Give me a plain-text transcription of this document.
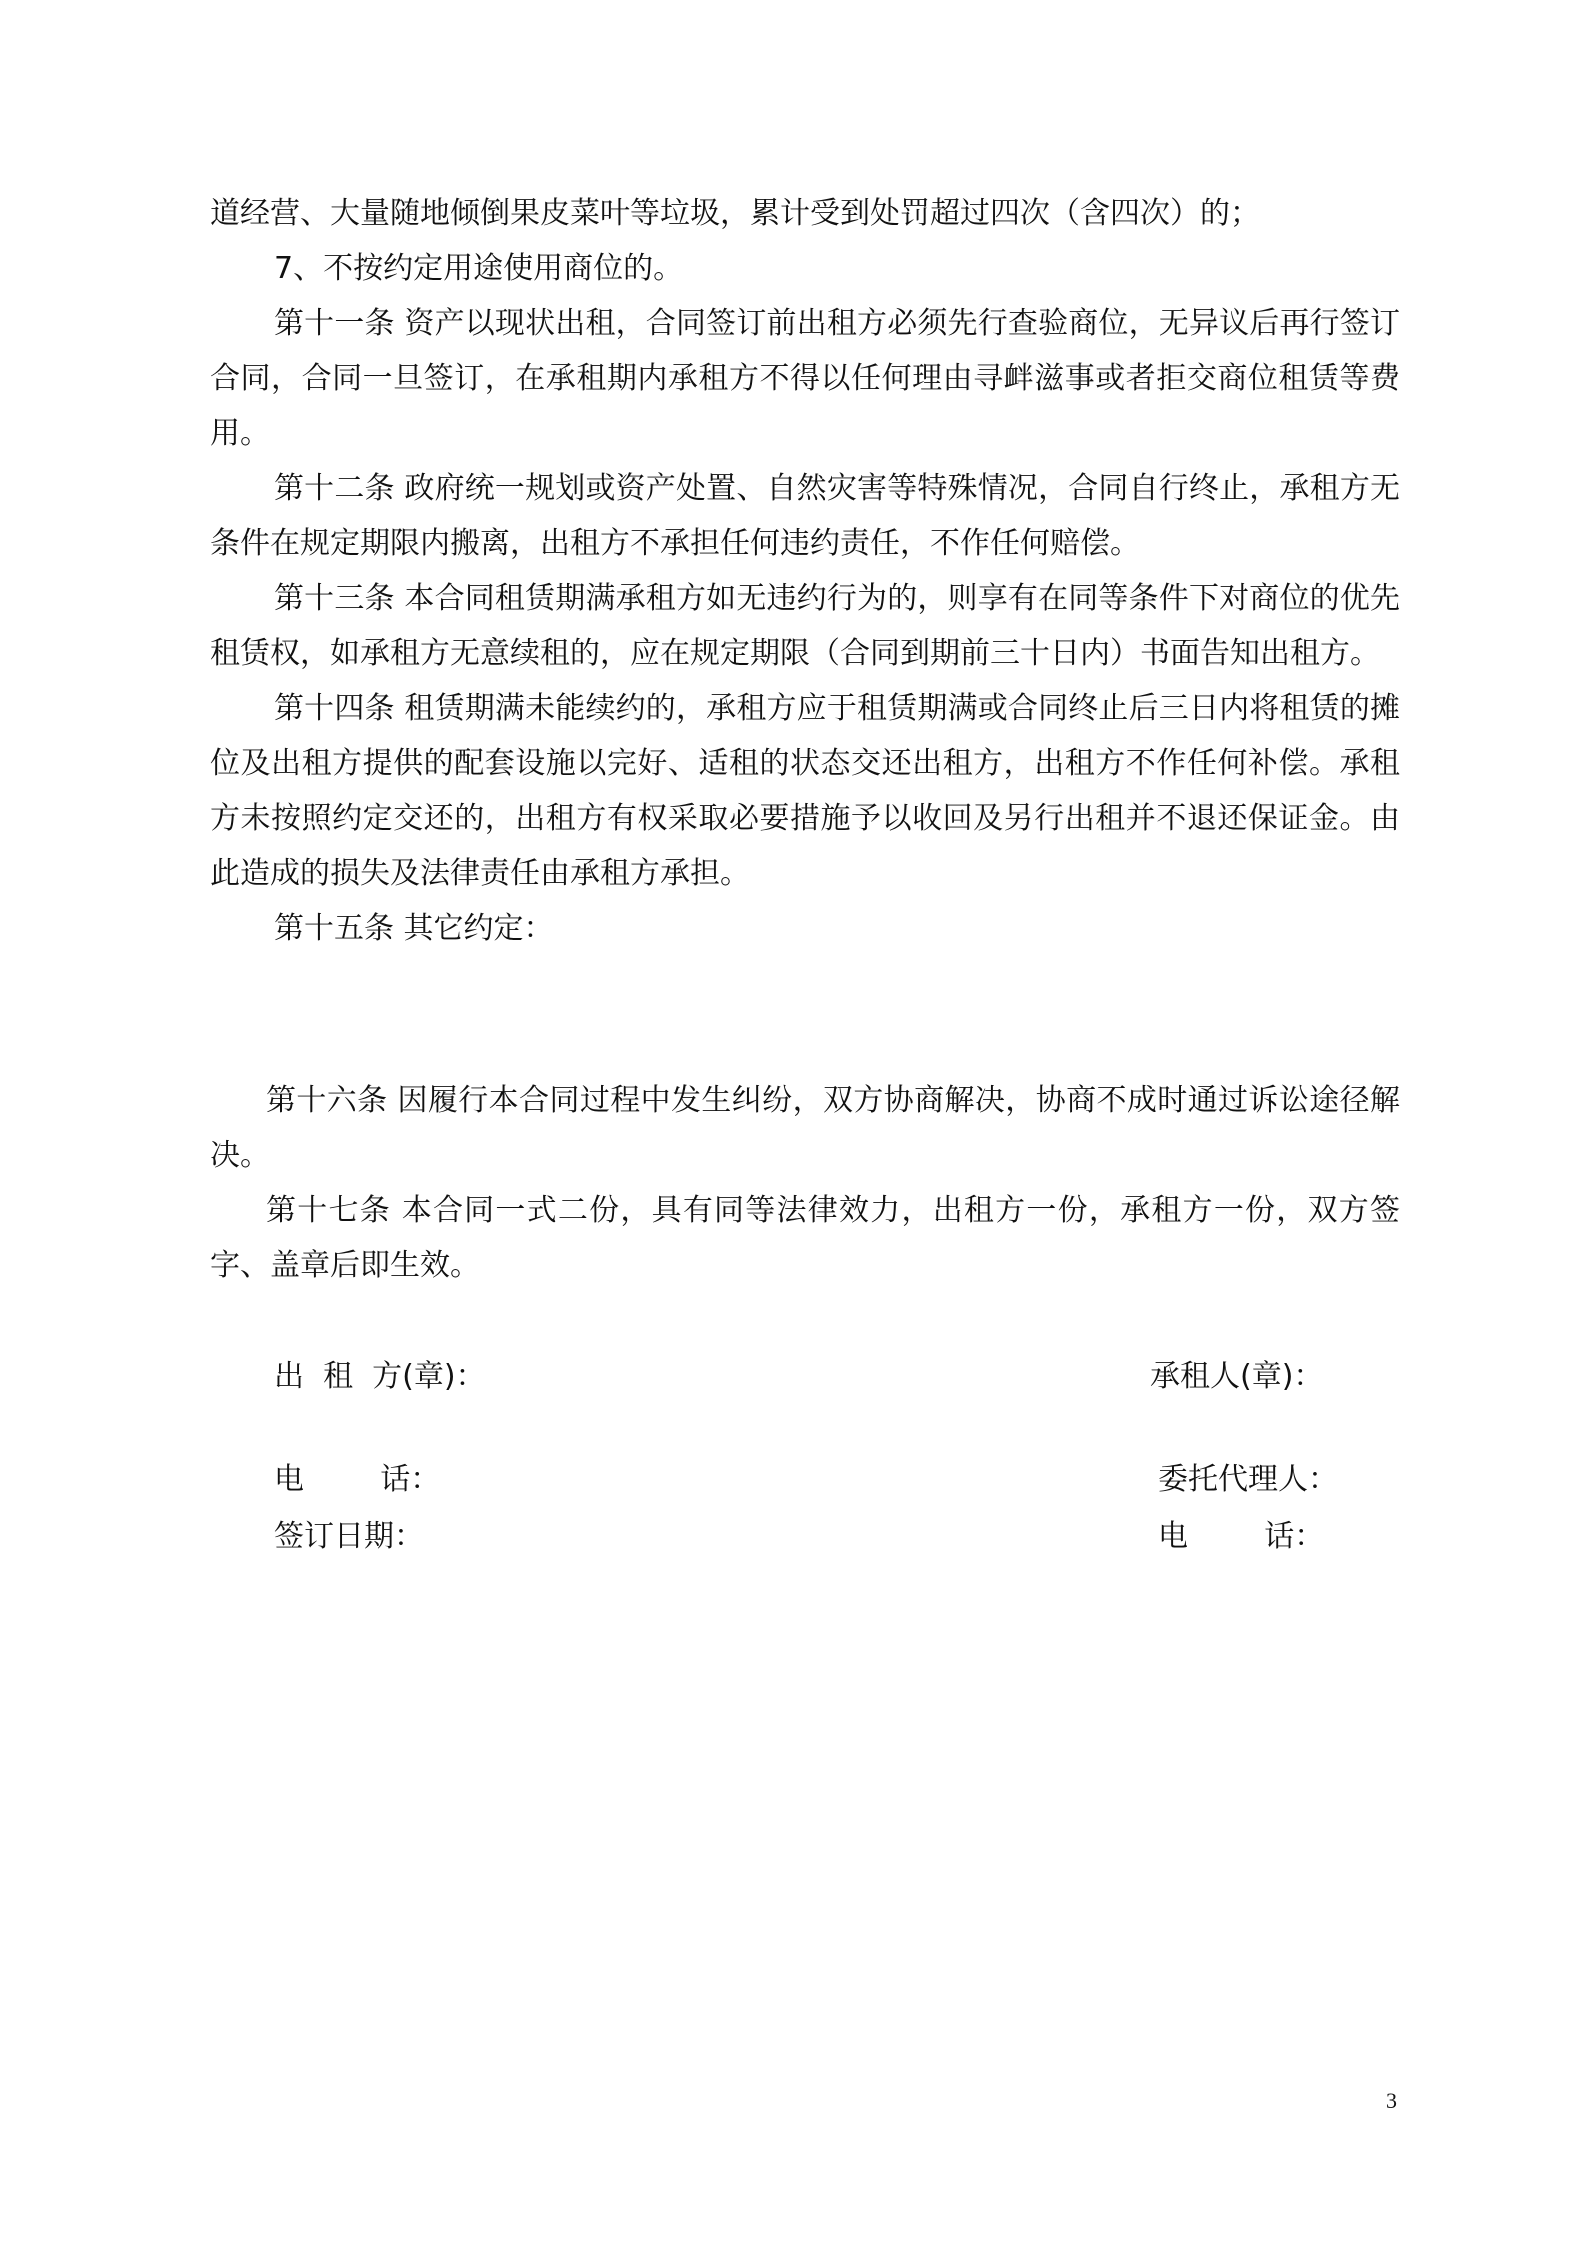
道经营、大量随地倾倒果皮菜叶等垃圾，累计受到处罚超过四次（含四次）的；

7、不按约定用途使用商位的。

第十一条 资产以现状出租，合同签订前出租方必须先行查验商位，无异议后再行签订合同，合同一旦签订，在承租期内承租方不得以任何理由寻衅滋事或者拒交商位租赁等费用。

第十二条 政府统一规划或资产处置、自然灾害等特殊情况，合同自行终止，承租方无条件在规定期限内搬离，出租方不承担任何违约责任，不作任何赔偿。

第十三条 本合同租赁期满承租方如无违约行为的，则享有在同等条件下对商位的优先租赁权，如承租方无意续租的，应在规定期限（合同到期前三十日内）书面告知出租方。

第十四条 租赁期满未能续约的，承租方应于租赁期满或合同终止后三日内将租赁的摊位及出租方提供的配套设施以完好、适租的状态交还出租方，出租方不作任何补偿。承租方未按照约定交还的，出租方有权采取必要措施予以收回及另行出租并不退还保证金。由此造成的损失及法律责任由承租方承担。

第十五条 其它约定：

第十六条 因履行本合同过程中发生纠纷，双方协商解决，协商不成时通过诉讼途径解决。

第十七条 本合同一式二份，具有同等法律效力，出租方一份，承租方一份，双方签字、盖章后即生效。

出  租  方(章)：	承租人(章)：
电        话：	委托代理人：
签订日期：	电        话：
3
